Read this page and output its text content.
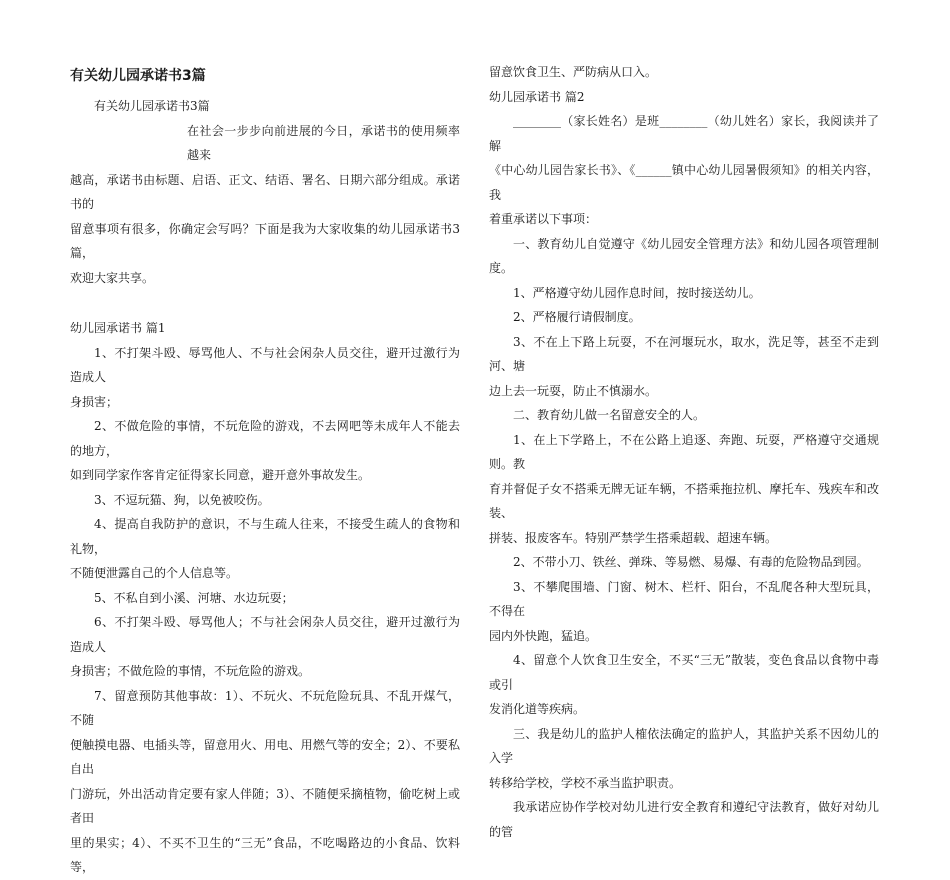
有关幼儿园承诺书3篇

有关幼儿园承诺书3篇

在社会一步步向前进展的今日，承诺书的使用频率越来

越高，承诺书由标题、启语、正文、结语、署名、日期六部分组成。承诺书的

留意事项有很多，你确定会写吗？下面是我为大家收集的幼儿园承诺书3篇，

欢迎大家共享。

幼儿园承诺书 篇1

1、不打架斗殴、辱骂他人、不与社会闲杂人员交往，避开过激行为造成人

身损害；

2、不做危险的事情，不玩危险的游戏，不去网吧等未成年人不能去的地方，

如到同学家作客肯定征得家长同意，避开意外事故发生。

3、不逗玩猫、狗，以免被咬伤。

4、提高自我防护的意识，不与生疏人往来，不接受生疏人的食物和礼物，

不随便泄露自己的个人信息等。

5、不私自到小溪、河塘、水边玩耍；

6、不打架斗殴、辱骂他人；不与社会闲杂人员交往，避开过激行为造成人

身损害；不做危险的事情，不玩危险的游戏。

7、留意预防其他事故：1）、不玩火、不玩危险玩具、不乱开煤气，不随

便触摸电器、电插头等，留意用火、用电、用燃气等的安全；2）、不要私自出

门游玩，外出活动肯定要有家人伴随；3）、不随便采摘植物，偷吃树上或者田

里的果实；4）、不买不卫生的“三无”食品，不吃喝路边的小食品、饮料等，

留意饮食卫生、严防病从口入。

幼儿园承诺书 篇2

________（家长姓名）是班________（幼儿姓名）家长，我阅读并了解

《中心幼儿园告家长书》、《______镇中心幼儿园暑假须知》的相关内容，我

着重承诺以下事项：

一、教育幼儿自觉遵守《幼儿园安全管理方法》和幼儿园各项管理制度。

1、严格遵守幼儿园作息时间，按时接送幼儿。

2、严格履行请假制度。

3、不在上下路上玩耍，不在河堰玩水，取水，洗足等，甚至不走到河、塘

边上去一玩耍，防止不慎溺水。

二、教育幼儿做一名留意安全的人。

1、在上下学路上，不在公路上追逐、奔跑、玩耍，严格遵守交通规则。教

育并督促子女不搭乘无牌无证车辆，不搭乘拖拉机、摩托车、残疾车和改装、

拼装、报废客车。特别严禁学生搭乘超载、超速车辆。

2、不带小刀、铁丝、弹珠、等易燃、易爆、有毒的危险物品到园。

3、不攀爬围墙、门窗、树木、栏杆、阳台，不乱爬各种大型玩具，不得在

园内外快跑，猛追。

4、留意个人饮食卫生安全，不买“三无”散装，变色食品以食物中毒或引

发消化道等疾病。

三、我是幼儿的监护人榷依法确定的监护人，其监护关系不因幼儿的入学

转移给学校，学校不承当监护职责。

我承诺应协作学校对幼儿进行安全教育和遵纪守法教育，做好对幼儿的管
